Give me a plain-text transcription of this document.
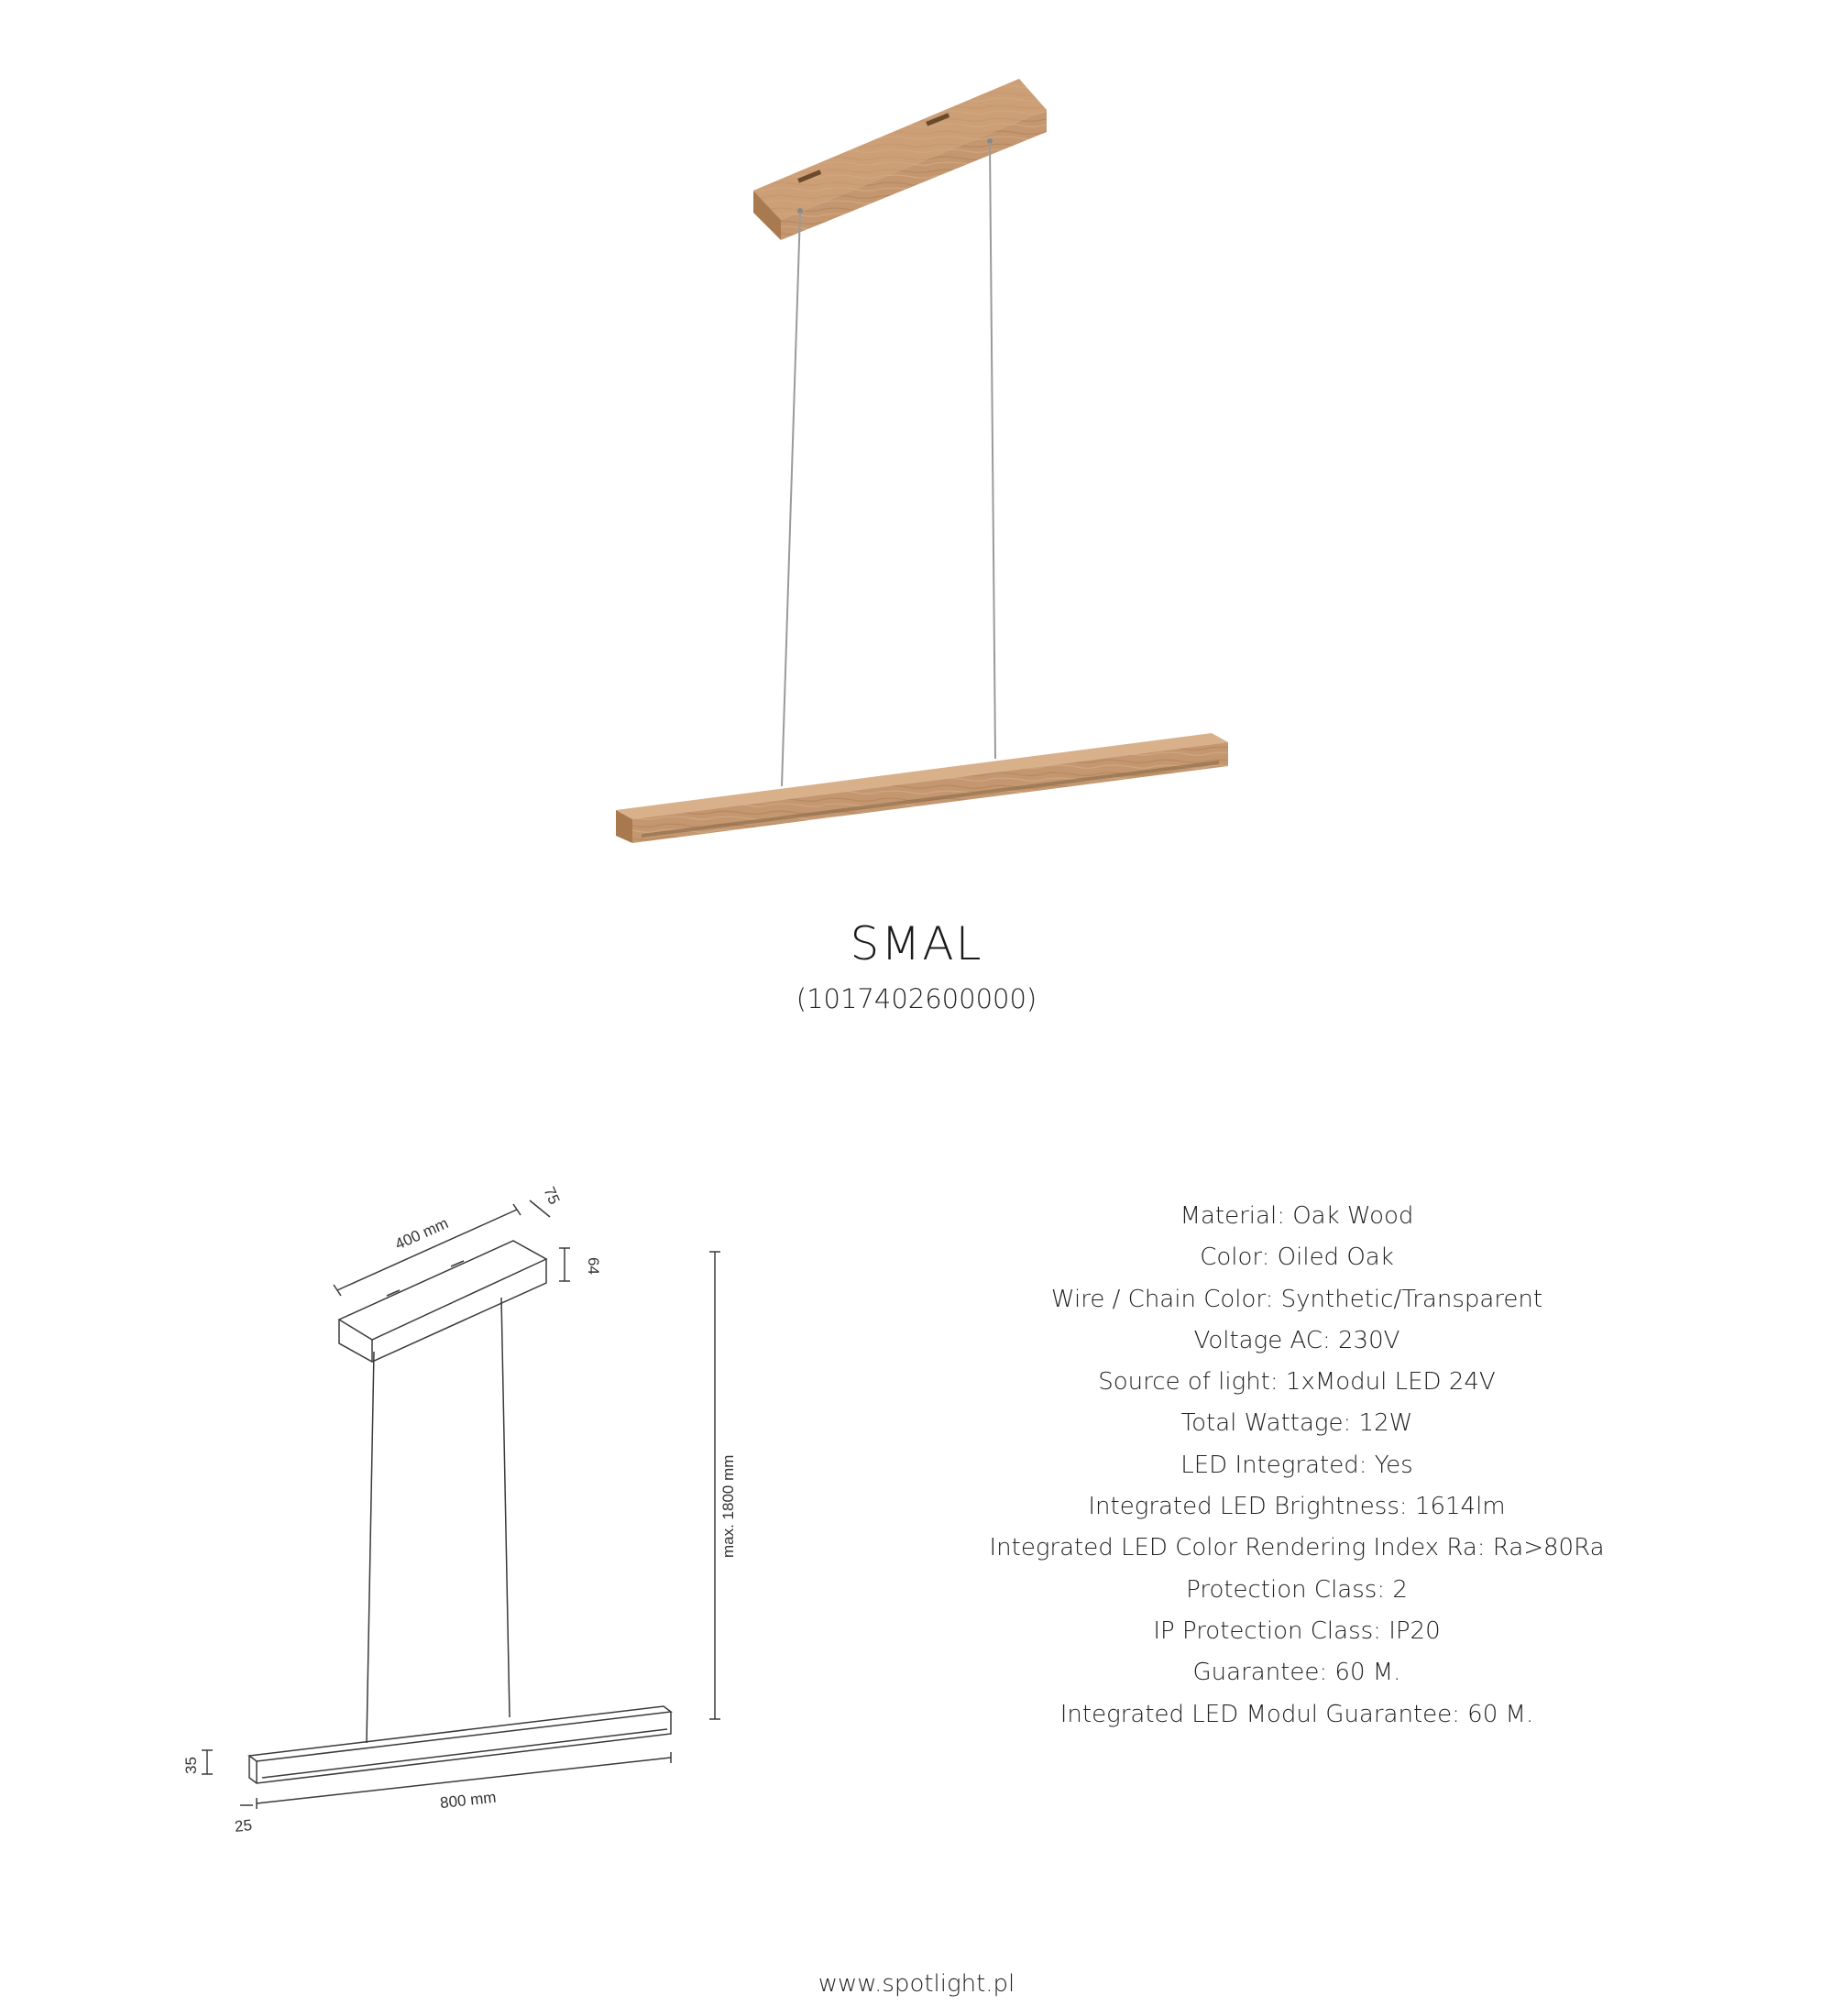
SMAL
(1017402600000)
400 mm
75
64
max. 1800 mm
35
800 mm
25
Material: Oak Wood
Color: Oiled Oak
Wire / Chain Color: Synthetic/Transparent
Voltage AC: 230V
Source of light: 1xModul LED 24V
Total Wattage: 12W
LED Integrated: Yes
Integrated LED Brightness: 1614lm
Integrated LED Color Rendering Index Ra: Ra>80Ra
Protection Class: 2
IP Protection Class: IP20
Guarantee: 60 M.
Integrated LED Modul Guarantee: 60 M.
www.spotlight.pl
